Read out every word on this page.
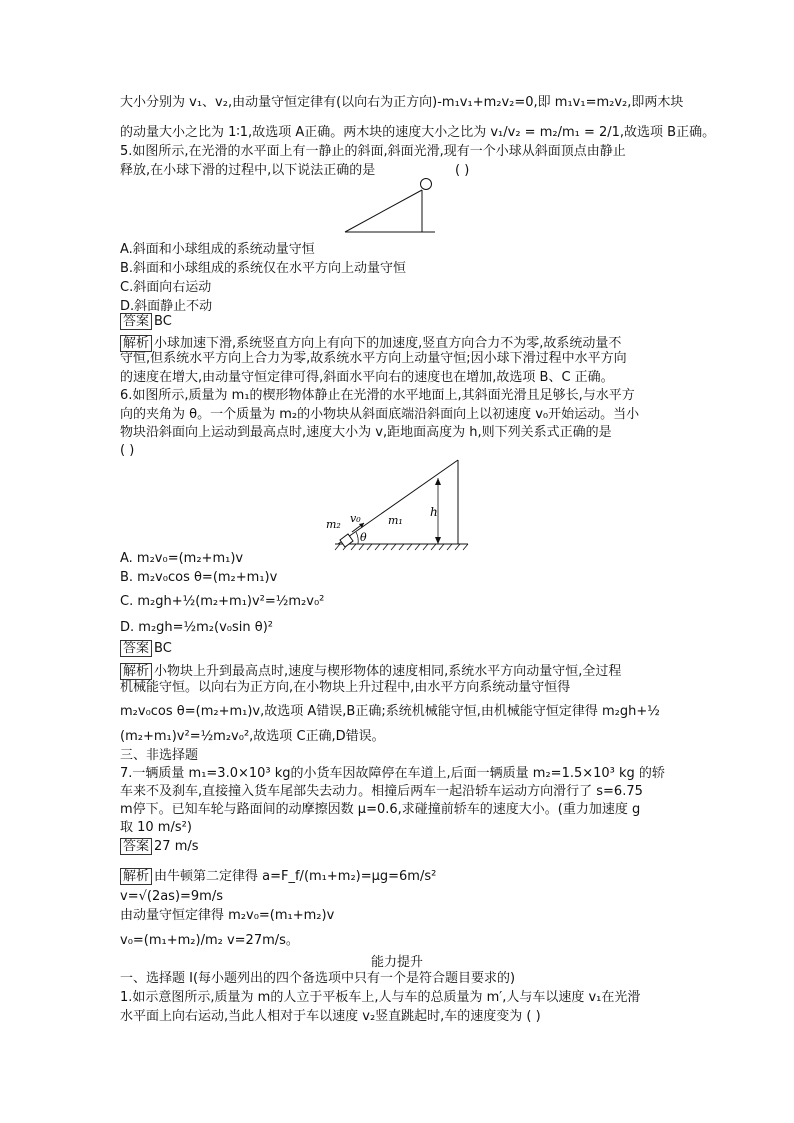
大小分别为 v₁、v₂,由动量守恒定律有(以向右为正方向)-m₁v₁+m₂v₂=0,即 m₁v₁=m₂v₂,即两木块
的动量大小之比为 1∶1,故选项 A正确。两木块的速度大小之比为 v₁/v₂ = m₂/m₁ = 2/1,故选项 B正确。
5.如图所示,在光滑的水平面上有一静止的斜面,斜面光滑,现有一个小球从斜面顶点由静止
释放,在小球下滑的过程中,以下说法正确的是	( )
A.斜面和小球组成的系统动量守恒
B.斜面和小球组成的系统仅在水平方向上动量守恒
C.斜面向右运动
D.斜面静止不动
答案 BC
解析 小球加速下滑,系统竖直方向上有向下的加速度,竖直方向合力不为零,故系统动量不
守恒,但系统水平方向上合力为零,故系统水平方向上动量守恒;因小球下滑过程中水平方向
的速度在增大,由动量守恒定律可得,斜面水平向右的速度也在增加,故选项 B、C 正确。
6.如图所示,质量为 m₁的楔形物体静止在光滑的水平地面上,其斜面光滑且足够长,与水平方
向的夹角为 θ。一个质量为 m₂的小物块从斜面底端沿斜面向上以初速度 v₀开始运动。当小
物块沿斜面向上运动到最高点时,速度大小为 v,距地面高度为 h,则下列关系式正确的是
( )
m₂ v₀ m₁
h
θ
A. m₂v₀=(m₂+m₁)v
B. m₂v₀cos θ=(m₂+m₁)v
C. m₂gh+½(m₂+m₁)v²=½m₂v₀²
D. m₂gh=½m₂(v₀sin θ)²
答案 BC
解析 小物块上升到最高点时,速度与楔形物体的速度相同,系统水平方向动量守恒,全过程
机械能守恒。以向右为正方向,在小物块上升过程中,由水平方向系统动量守恒得
m₂v₀cos θ=(m₂+m₁)v,故选项 A错误,B正确;系统机械能守恒,由机械能守恒定律得 m₂gh+½
(m₂+m₁)v²=½m₂v₀²,故选项 C正确,D错误。
三、非选择题
7.一辆质量 m₁=3.0×10³ kg的小货车因故障停在车道上,后面一辆质量 m₂=1.5×10³ kg 的轿
车来不及刹车,直接撞入货车尾部失去动力。相撞后两车一起沿轿车运动方向滑行了 s=6.75
m停下。已知车轮与路面间的动摩擦因数 μ=0.6,求碰撞前轿车的速度大小。(重力加速度 g
取 10 m/s²)
答案 27 m/s
解析 由牛顿第二定律得 a=F_f/(m₁+m₂)=μg=6m/s²
v=√(2as)=9m/s
由动量守恒定律得 m₂v₀=(m₁+m₂)v
v₀=(m₁+m₂)/m₂ v=27m/s。
能力提升
一、选择题 Ⅰ(每小题列出的四个备选项中只有一个是符合题目要求的)
1.如示意图所示,质量为 m的人立于平板车上,人与车的总质量为 m′,人与车以速度 v₁在光滑
水平面上向右运动,当此人相对于车以速度 v₂竖直跳起时,车的速度变为 ( )
